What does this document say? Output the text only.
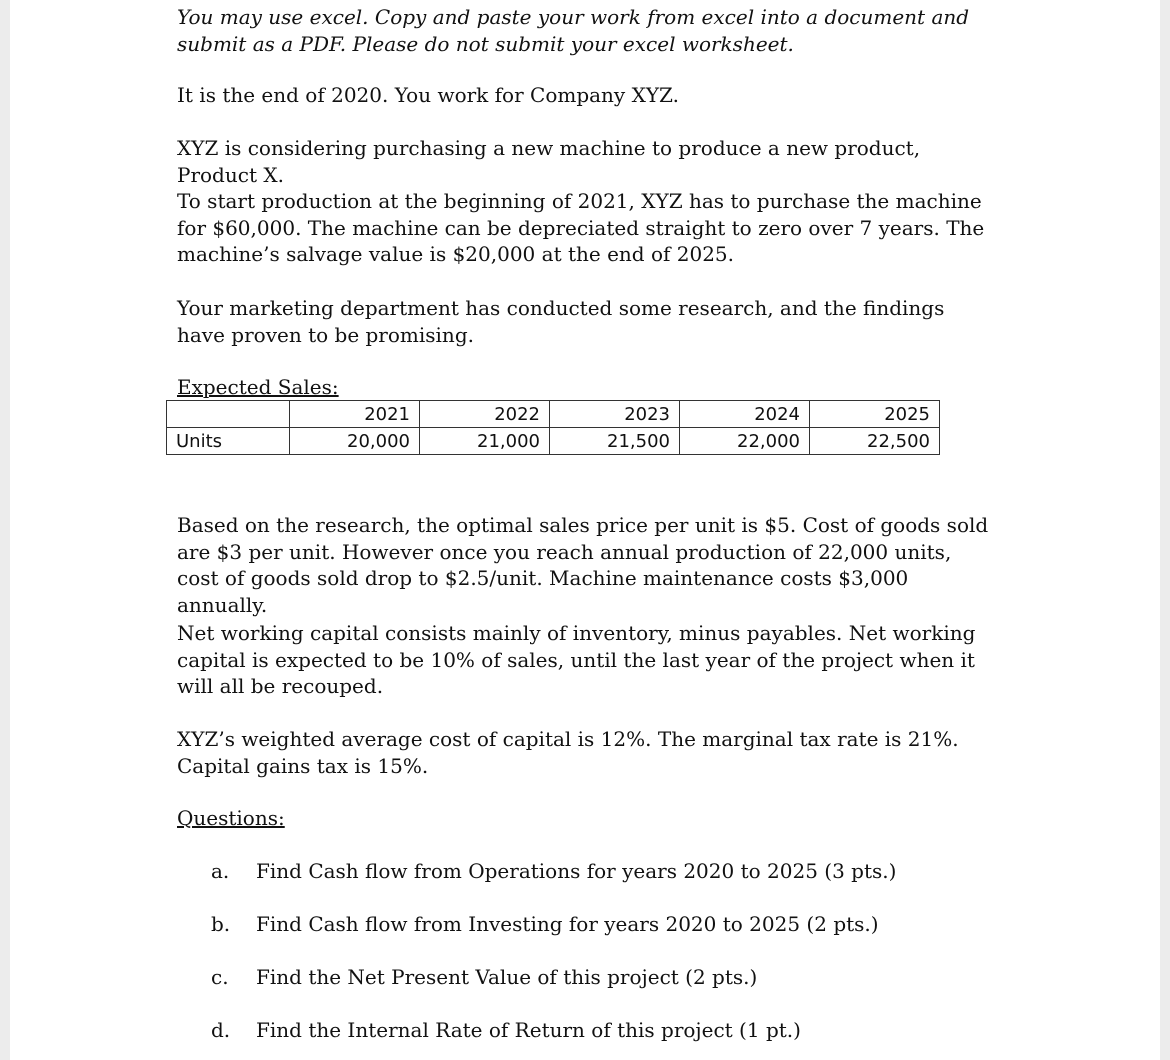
You may use excel. Copy and paste your work from excel into a document and submit as a PDF. Please do not submit your excel worksheet.

It is the end of 2020. You work for Company XYZ.

XYZ is considering purchasing a new machine to produce a new product, Product X.

To start production at the beginning of 2021, XYZ has to purchase the machine for $60,000. The machine can be depreciated straight to zero over 7 years. The machine’s salvage value is $20,000 at the end of 2025.

Your marketing department has conducted some research, and the findings have proven to be promising.

Expected Sales:

	2021	2022	2023	2024	2025
Units	20,000	21,000	21,500	22,000	22,500

Based on the research, the optimal sales price per unit is $5. Cost of goods sold are $3 per unit. However once you reach annual production of 22,000 units, cost of goods sold drop to $2.5/unit. Machine maintenance costs $3,000 annually.

Net working capital consists mainly of inventory, minus payables. Net working capital is expected to be 10% of sales, until the last year of the project when it will all be recouped.

XYZ’s weighted average cost of capital is 12%. The marginal tax rate is 21%. Capital gains tax is 15%.

Questions:

a.	Find Cash flow from Operations for years 2020 to 2025 (3 pts.)
b.	Find Cash flow from Investing for years 2020 to 2025 (2 pts.)
c.	Find the Net Present Value of this project (2 pts.)
d.	Find the Internal Rate of Return of this project (1 pt.)
